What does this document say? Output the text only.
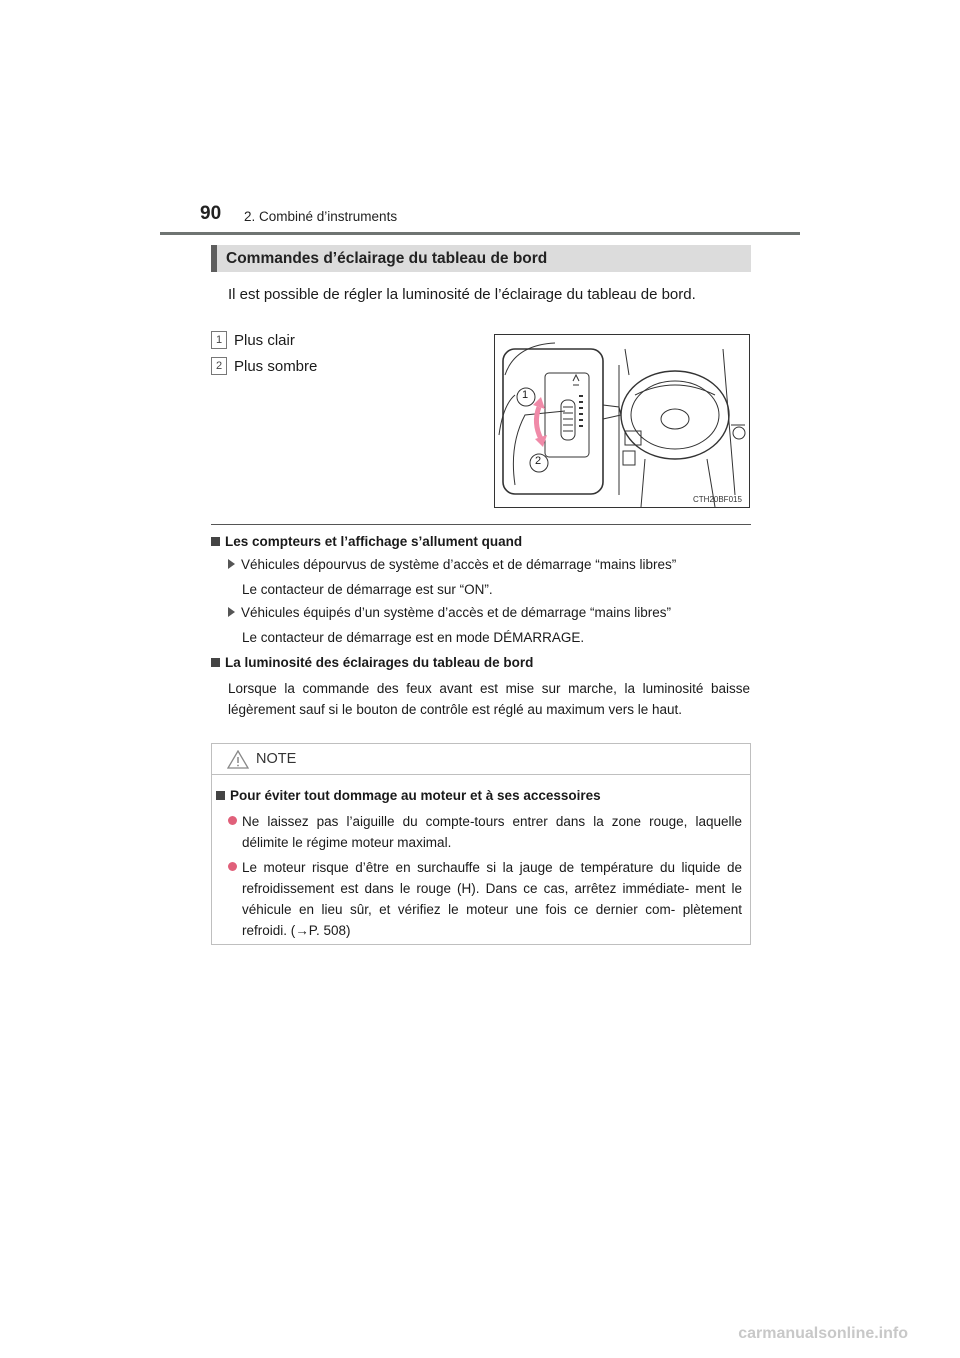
90 2. Combiné d’instruments
Commandes d’éclairage du tableau de bord
Il est possible de régler la luminosité de l’éclairage du tableau de bord.
1 Plus clair
2 Plus sombre
1
2
CTH20BF015
Les compteurs et l’affichage s’allument quand
Véhicules dépourvus de système d’accès et de démarrage “mains libres”
Le contacteur de démarrage est sur “ON”.
Véhicules équipés d’un système d’accès et de démarrage “mains libres”
Le contacteur de démarrage est en mode DÉMARRAGE.
La luminosité des éclairages du tableau de bord
Lorsque la commande des feux avant est mise sur marche, la luminosité baisse légèrement sauf si le bouton de contrôle est réglé au maximum vers le haut.
NOTE
Pour éviter tout dommage au moteur et à ses accessoires
Ne laissez pas l’aiguille du compte-tours entrer dans la zone rouge, laquelle délimite le régime moteur maximal.
Le moteur risque d’être en surchauffe si la jauge de température du liquide de refroidissement est dans le rouge (H). Dans ce cas, arrêtez immédiate- ment le véhicule en lieu sûr, et vérifiez le moteur une fois ce dernier com- plètement refroidi. (→P. 508)
carmanualsonline.info
